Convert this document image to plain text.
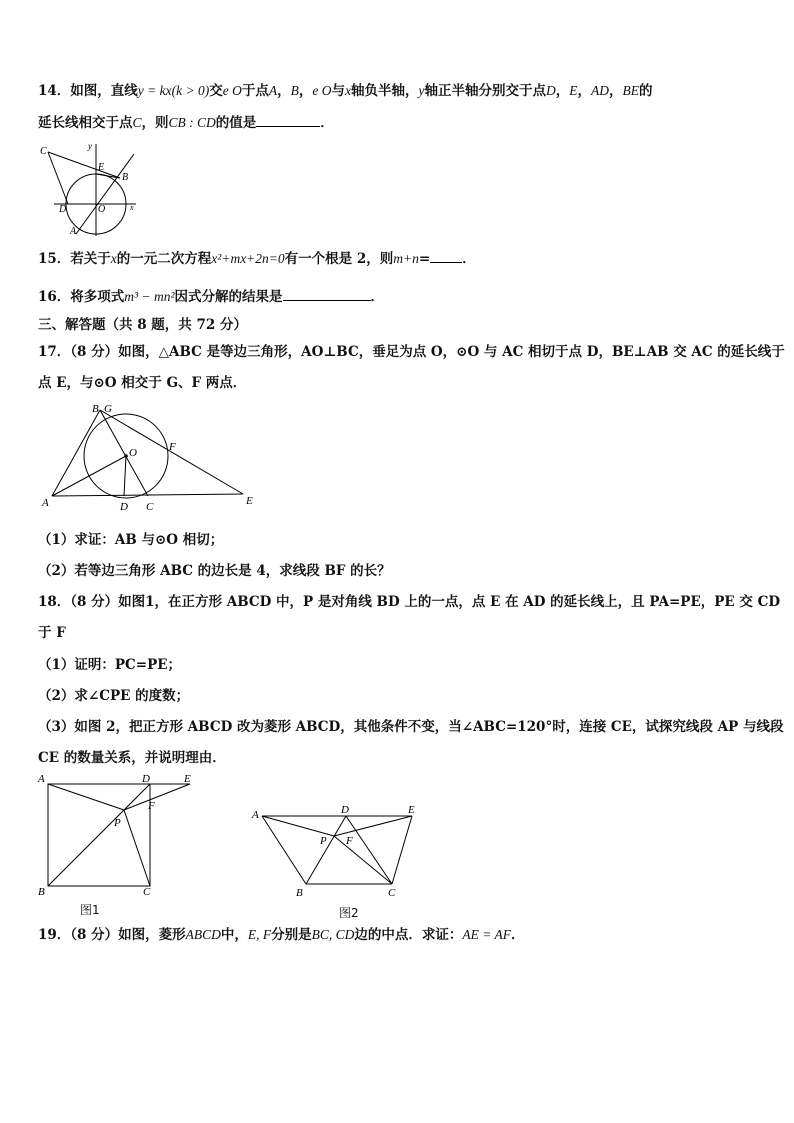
14．如图，直线y = kx(k > 0)交e O于点A，B，e O与x轴负半轴，y轴正半轴分别交于点D，E，AD，BE的
延长线相交于点C，则CB : CD的值是	．
C	y
E
B
D	O	x
A
15．若关于x的一元二次方程x²+mx+2n=0有一个根是 2，则m+n= ．
16．将多项式m³ − mn²因式分解的结果是	．
三、解答题（共 8 题，共 72 分）
17．（8 分）如图，△ABC 是等边三角形，AO⊥BC，垂足为点 O，⊙O 与 AC 相切于点 D，BE⊥AB 交 AC 的延长线于
点 E，与⊙O 相交于 G、F 两点．
B G
F
O
A	D C	E
（1）求证：AB 与⊙O 相切；
（2）若等边三角形 ABC 的边长是 4，求线段 BF 的长？
18．（8 分）如图1，在正方形 ABCD 中，P 是对角线 BD 上的一点，点 E 在 AD 的延长线上，且 PA=PE，PE 交 CD
于 F
（1）证明：PC=PE；
（2）求∠CPE 的度数；
（3）如图 2，把正方形 ABCD 改为菱形 ABCD，其他条件不变，当∠ABC=120°时，连接 CE，试探究线段 AP 与线段
CE 的数量关系，并说明理由．
A	D	E
F
P
B	C
图1
A	D	E
P F
B	C
图2
19．（8 分）如图，菱形ABCD中，E, F分别是BC, CD边的中点．求证：AE = AF．
